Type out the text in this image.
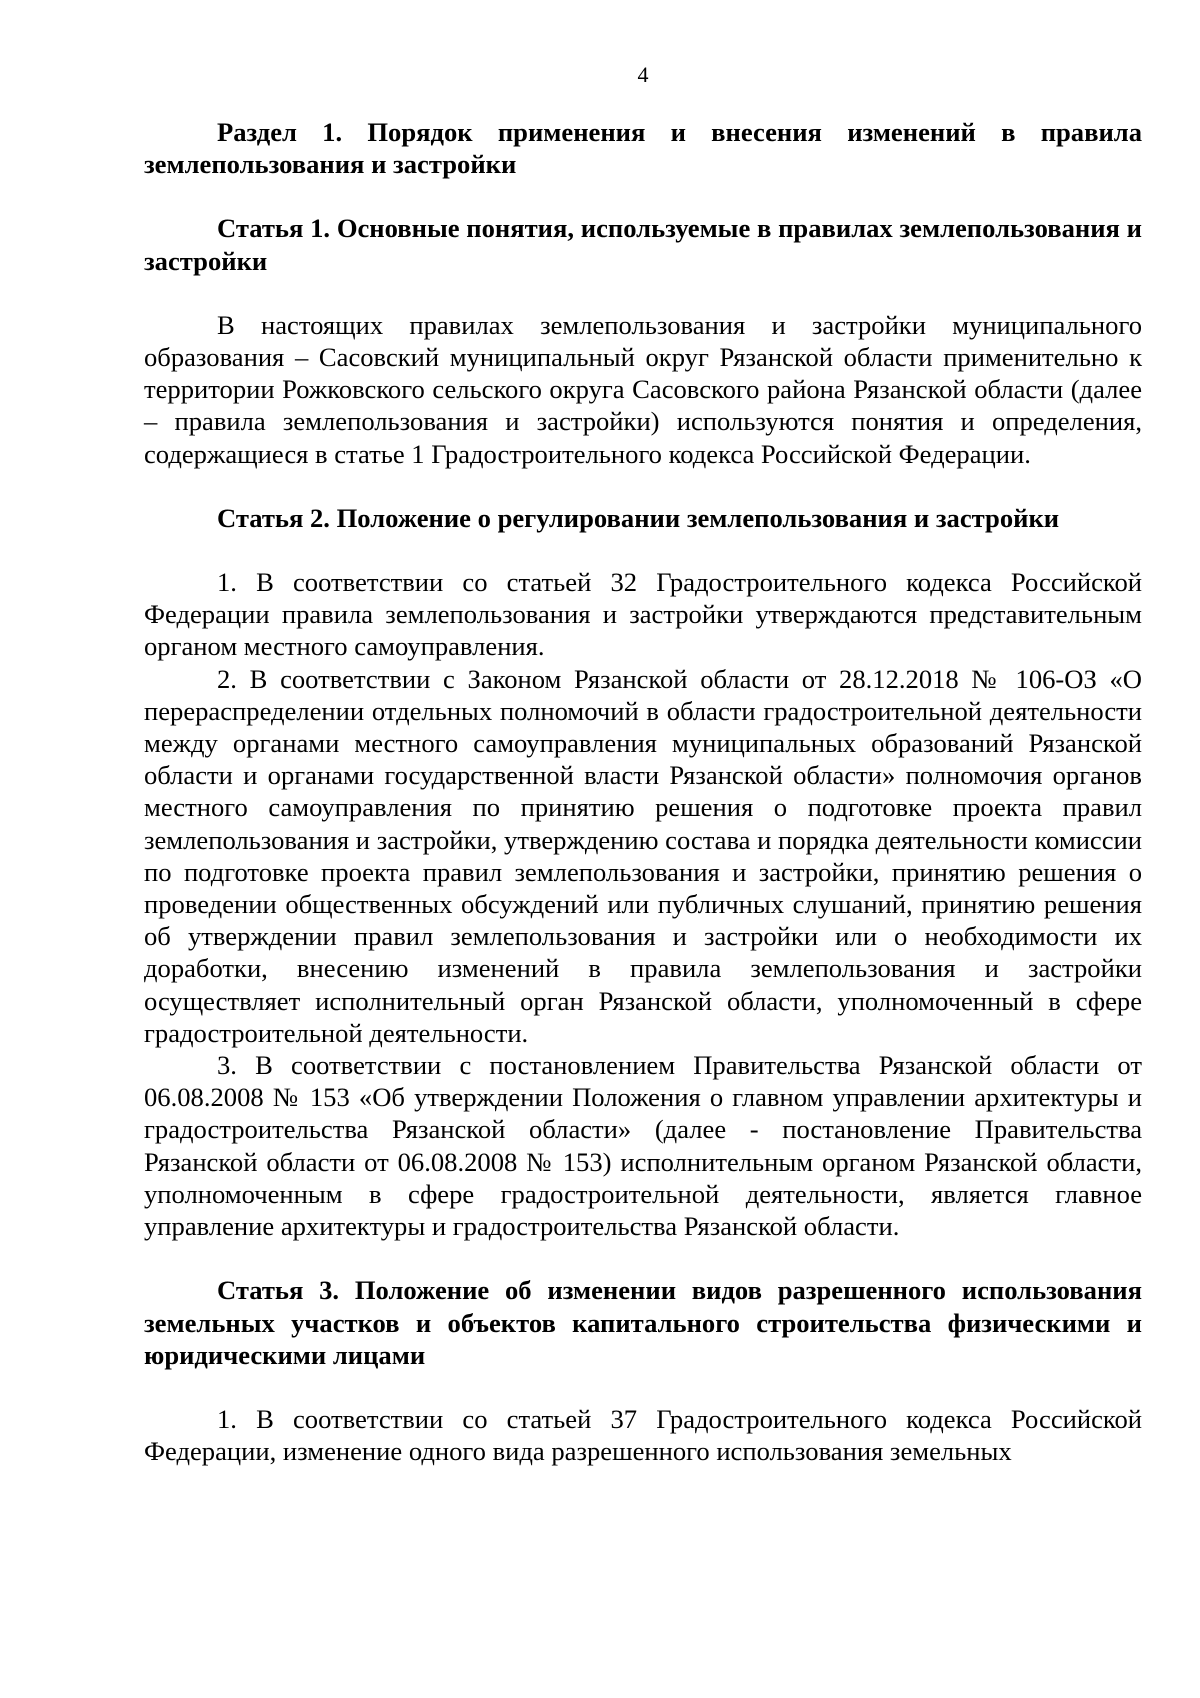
4

Раздел 1. Порядок применения и внесения изменений в правила землепользования и застройки

Статья 1. Основные понятия, используемые в правилах землепользования и застройки

В настоящих правилах землепользования и застройки муниципального образования – Сасовский муниципальный округ Рязанской области применительно к территории Рожковского сельского округа Сасовского района Рязанской области (далее – правила землепользования и застройки) используются понятия и определения, содержащиеся в статье 1 Градостроительного кодекса Российской Федерации.

Статья 2. Положение о регулировании землепользования и застройки

1. В соответствии со статьей 32 Градостроительного кодекса Российской Федерации правила землепользования и застройки утверждаются представительным органом местного самоуправления.

2. В соответствии с Законом Рязанской области от 28.12.2018 № 106-ОЗ «О перераспределении отдельных полномочий в области градостроительной деятельности между органами местного самоуправления муниципальных образований Рязанской области и органами государственной власти Рязанской области» полномочия органов местного самоуправления по принятию решения о подготовке проекта правил землепользования и застройки, утверждению состава и порядка деятельности комиссии по подготовке проекта правил землепользования и застройки, принятию решения о проведении общественных обсуждений или публичных слушаний, принятию решения об утверждении правил землепользования и застройки или о необходимости их доработки, внесению изменений в правила землепользования и застройки осуществляет исполнительный орган Рязанской области, уполномоченный в сфере градостроительной деятельности.

3. В соответствии с постановлением Правительства Рязанской области от 06.08.2008 № 153 «Об утверждении Положения о главном управлении архитектуры и градостроительства Рязанской области» (далее - постановление Правительства Рязанской области от 06.08.2008 № 153) исполнительным органом Рязанской области, уполномоченным в сфере градостроительной деятельности, является главное управление архитектуры и градостроительства Рязанской области.

Статья 3. Положение об изменении видов разрешенного использования земельных участков и объектов капитального строительства физическими и юридическими лицами

1. В соответствии со статьей 37 Градостроительного кодекса Российской Федерации, изменение одного вида разрешенного использования земельных
